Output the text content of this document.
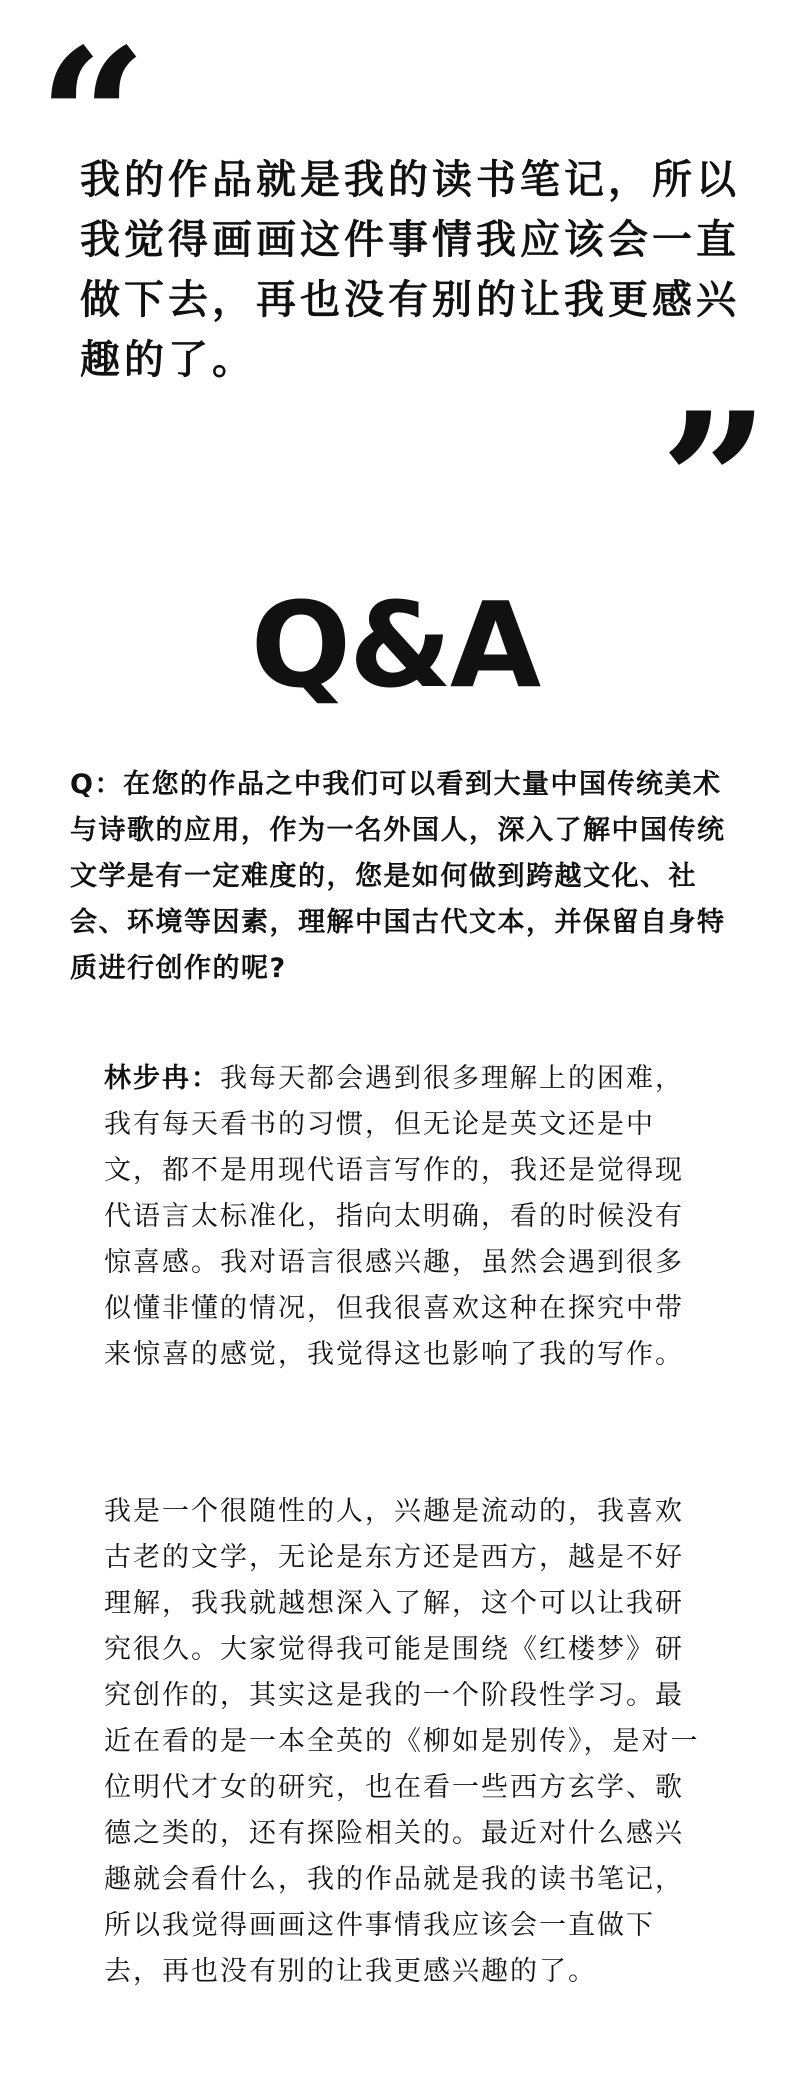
“

我的作品就是我的读书笔记，所以我觉得画画这件事情我应该会一直做下去，再也没有别的让我更感兴趣的了。

”
Q&A

Q：在您的作品之中我们可以看到大量中国传统美术与诗歌的应用，作为一名外国人，深入了解中国传统文学是有一定难度的，您是如何做到跨越文化、社会、环境等因素，理解中国古代文本，并保留自身特质进行创作的呢?

林步冉：我每天都会遇到很多理解上的困难，我有每天看书的习惯，但无论是英文还是中文，都不是用现代语言写作的，我还是觉得现代语言太标准化，指向太明确，看的时候没有惊喜感。我对语言很感兴趣，虽然会遇到很多似懂非懂的情况，但我很喜欢这种在探究中带来惊喜的感觉，我觉得这也影响了我的写作。

我是一个很随性的人，兴趣是流动的，我喜欢古老的文学，无论是东方还是西方，越是不好理解，我我就越想深入了解，这个可以让我研究很久。大家觉得我可能是围绕《红楼梦》研究创作的，其实这是我的一个阶段性学习。最近在看的是一本全英的《柳如是别传》，是对一位明代才女的研究，也在看一些西方玄学、歌德之类的，还有探险相关的。最近对什么感兴趣就会看什么，我的作品就是我的读书笔记，所以我觉得画画这件事情我应该会一直做下去，再也没有别的让我更感兴趣的了。
